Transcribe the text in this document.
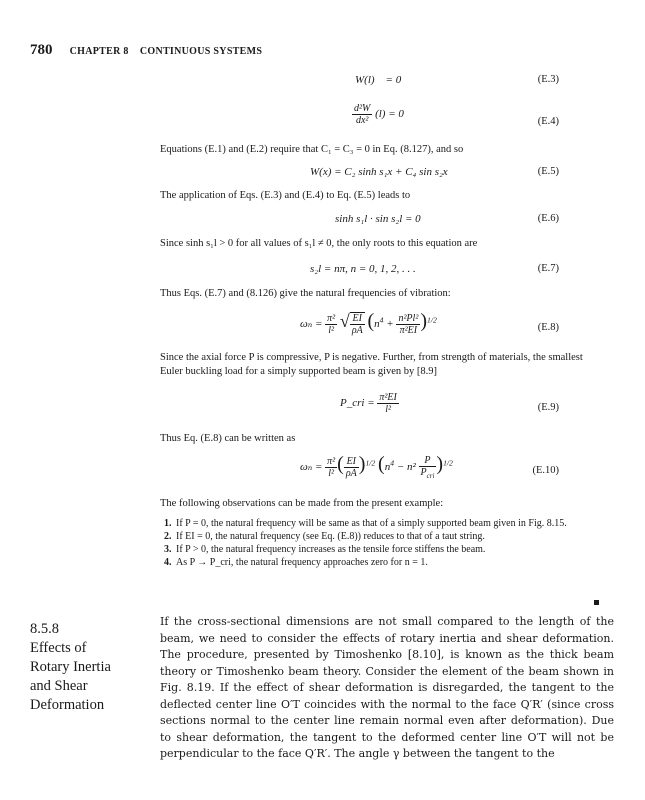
780 CHAPTER 8 CONTINUOUS SYSTEMS
W(l) = 0	(E.3)
$\frac{\text{d²W}}{\text{dx²}} (l) = 0$
(E.4)
Equations (E.1) and (E.2) require that C₁ = C₃ = 0 in Eq. (8.127), and so
W(x) = C₂ sinh s₁x + C₄ sin s₂x	(E.5)
The application of Eqs. (E.3) and (E.4) to Eq. (E.5) leads to
sinh s₁l · sin s₂l = 0	(E.6)
Since sinh s₁l > 0 for all values of s₁l ≠ 0, the only roots to this equation are
s₂l = nπ, n = 0, 1, 2, . . .	(E.7)
Thus Eqs. (E.7) and (8.126) give the natural frequencies of vibration:
$\omega_n = \frac{\text{π²}}{\text{l²}}$ √ $\frac{EI}{\rho A} (n^4 + \frac{\text{n²Pl²}}{\text{π²EI}} )^{1/2}$
(E.8)
Since the axial force P is compressive, P is negative. Further, from strength of materials, the smallest
Euler buckling load for a simply supported beam is given by [8.9]
P_cri = $\frac{\text{π²EI}}{\text{l²}}$	(E.9)
Thus Eq. (E.8) can be written as
$\omega_n = \frac{\text{π²}}{\text{l²}}$ ( $\frac{EI}{\rho A} )^{1/2}$ $(n^4 - n^2 \frac{P}{P_{cri}} )^{1/2}$
(E.10)
The following observations can be made from the present example:
1. If P = 0, the natural frequency will be same as that of a simply supported beam given in Fig. 8.15.
2. If EI = 0, the natural frequency (see Eq. (E.8)) reduces to that of a taut string.
3. If P > 0, the natural frequency increases as the tensile force stiffens the beam.
4. As P → P_cri, the natural frequency approaches zero for n = 1.
8.5.8
Effects of
Rotary Inertia
and Shear
Deformation
If the cross-sectional dimensions are not small compared to the length of the beam, we need to consider the effects of rotary inertia and shear deformation. The procedure, presented by Timoshenko [8.10], is known as the thick beam theory or Timoshenko beam theory. Consider the element of the beam shown in Fig. 8.19. If the effect of shear deformation is disregarded, the tangent to the deflected center line O′T coincides with the normal to the face Q′R′ (since cross sections normal to the center line remain normal even after deformation). Due to shear deformation, the tangent to the deformed center line O′T will not be perpendicular to the face Q′R′. The angle γ between the tangent to the
